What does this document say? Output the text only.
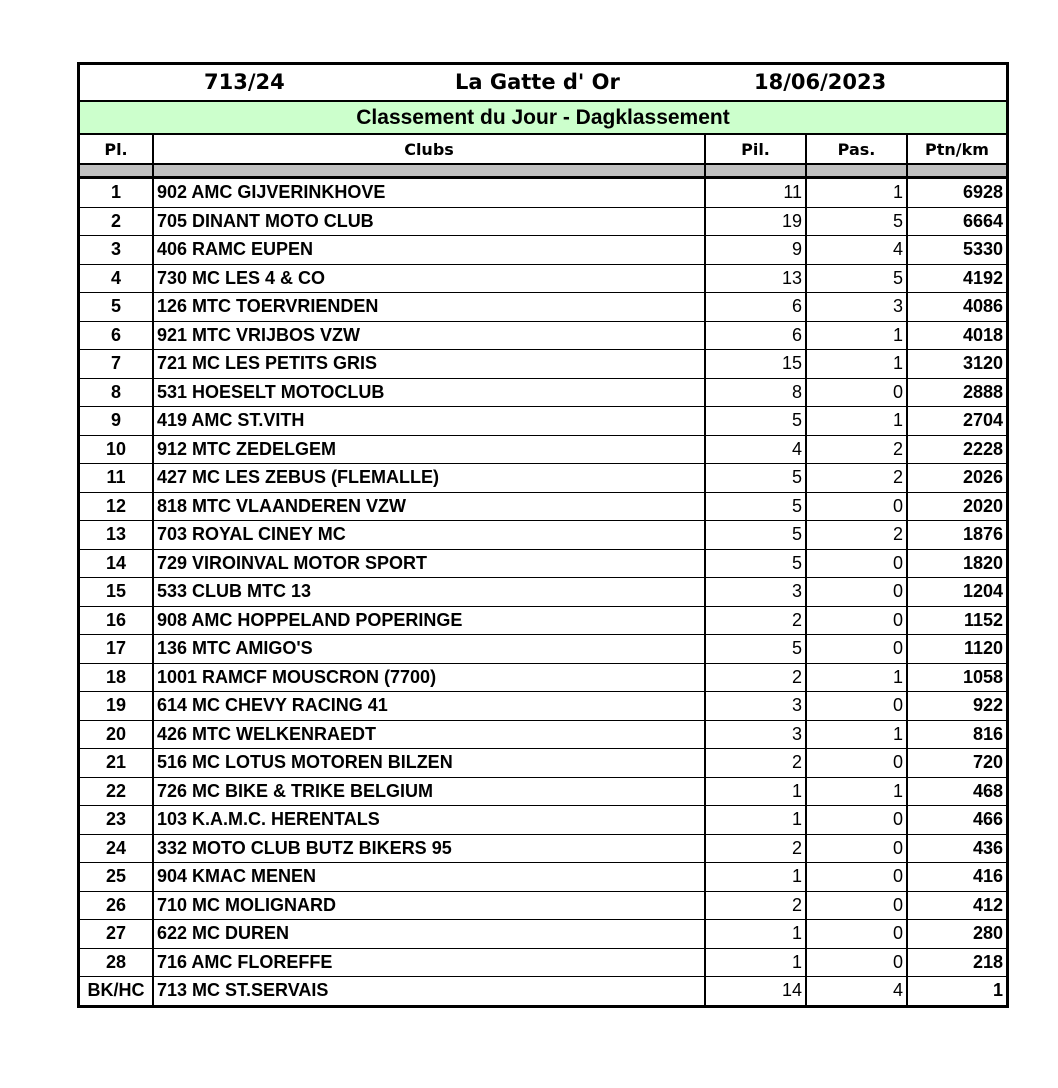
713/24	La Gatte d' Or	18/06/2023
Classement du Jour - Dagklassement
Pl.	Clubs	Pil.	Pas.	Ptn/km

1	902 AMC GIJVERINKHOVE	11	1	6928
2	705 DINANT MOTO CLUB	19	5	6664
3	406 RAMC EUPEN	9	4	5330
4	730 MC LES 4 & CO	13	5	4192
5	126 MTC TOERVRIENDEN	6	3	4086
6	921 MTC VRIJBOS VZW	6	1	4018
7	721 MC LES PETITS GRIS	15	1	3120
8	531 HOESELT MOTOCLUB	8	0	2888
9	419 AMC ST.VITH	5	1	2704
10	912 MTC ZEDELGEM	4	2	2228
11	427 MC LES ZEBUS (FLEMALLE)	5	2	2026
12	818 MTC VLAANDEREN VZW	5	0	2020
13	703 ROYAL CINEY MC	5	2	1876
14	729 VIROINVAL MOTOR SPORT	5	0	1820
15	533 CLUB MTC 13	3	0	1204
16	908 AMC HOPPELAND POPERINGE	2	0	1152
17	136 MTC AMIGO'S	5	0	1120
18	1001 RAMCF MOUSCRON (7700)	2	1	1058
19	614 MC CHEVY RACING 41	3	0	922
20	426 MTC WELKENRAEDT	3	1	816
21	516 MC LOTUS MOTOREN BILZEN	2	0	720
22	726 MC BIKE & TRIKE BELGIUM	1	1	468
23	103 K.A.M.C. HERENTALS	1	0	466
24	332 MOTO CLUB BUTZ BIKERS 95	2	0	436
25	904 KMAC MENEN	1	0	416
26	710 MC MOLIGNARD	2	0	412
27	622 MC DUREN	1	0	280
28	716 AMC FLOREFFE	1	0	218
BK/HC	713 MC ST.SERVAIS	14	4	1
